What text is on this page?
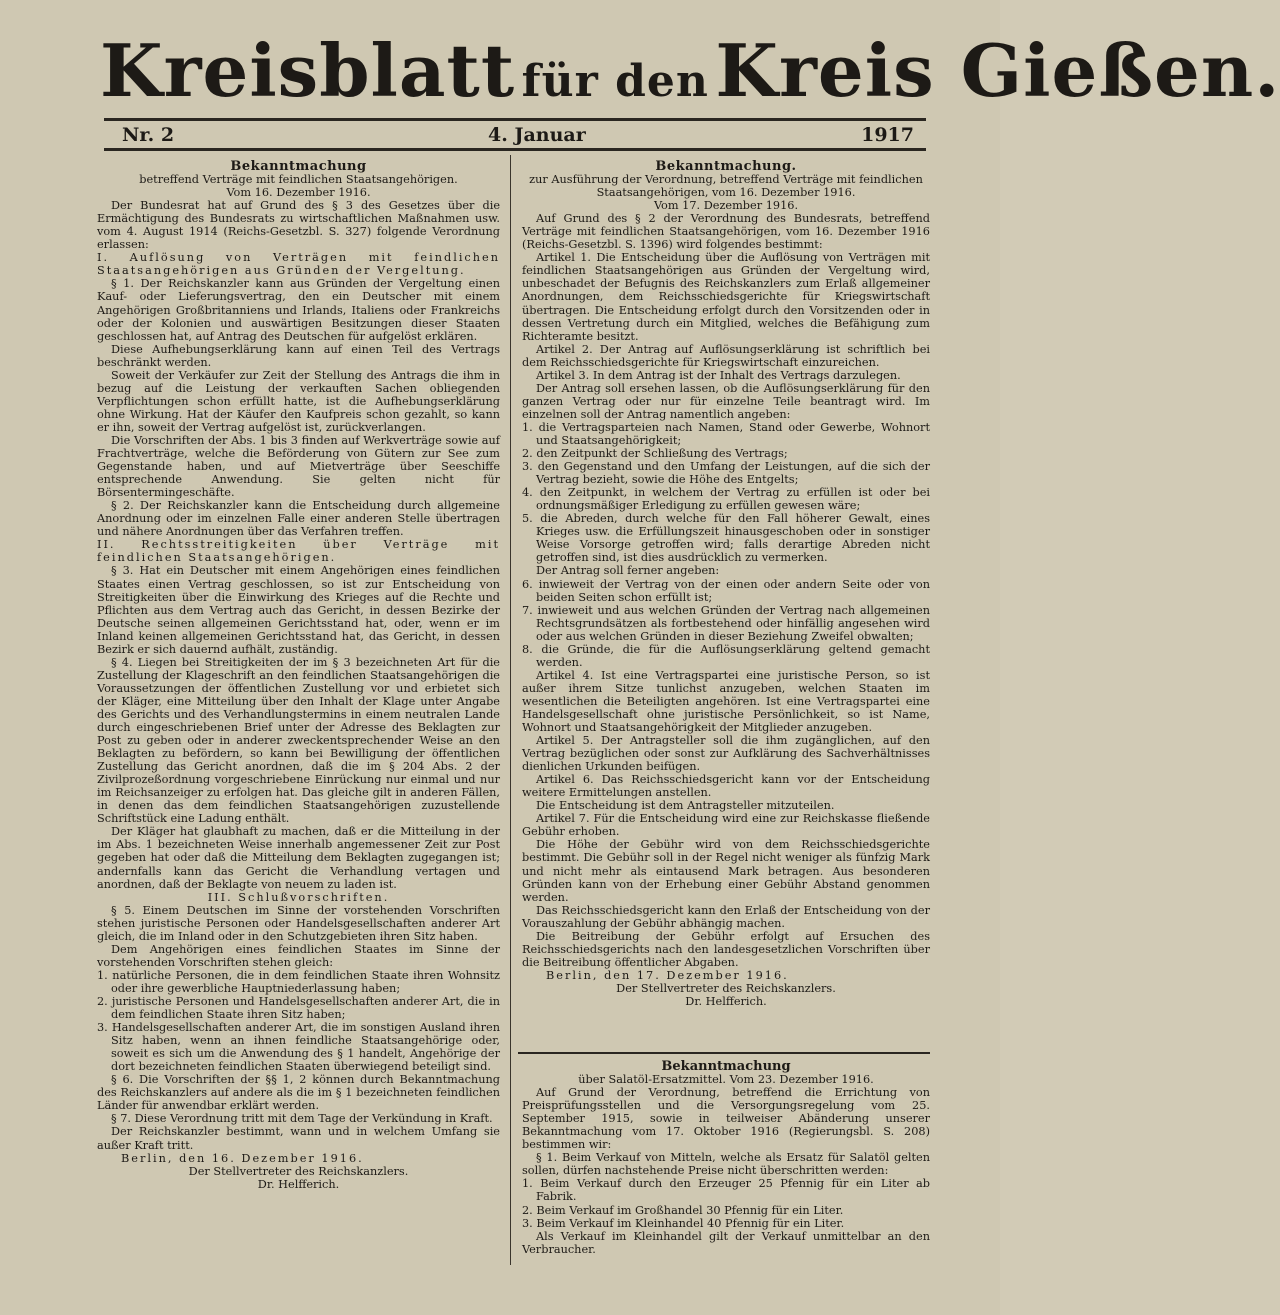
Kreisblatt für den Kreis Gießen.
Nr. 2	4. Januar	1917

Bekanntmachung

betreffend Verträge mit feindlichen Staatsangehörigen.

Vom 16. Dezember 1916.

Der Bundesrat hat auf Grund des § 3 des Gesetzes über die Ermächtigung des Bundesrats zu wirtschaftlichen Maßnahmen usw. vom 4. August 1914 (Reichs-Gesetzbl. S. 327) folgende Verordnung erlassen:

I. Auflösung von Verträgen mit feindlichen Staatsangehörigen aus Gründen der Vergeltung.

§ 1. Der Reichskanzler kann aus Gründen der Vergeltung einen Kauf- oder Lieferungsvertrag, den ein Deutscher mit einem Angehörigen Großbritanniens und Irlands, Italiens oder Frankreichs oder der Kolonien und auswärtigen Besitzungen dieser Staaten geschlossen hat, auf Antrag des Deutschen für aufgelöst erklären.

Diese Aufhebungserklärung kann auf einen Teil des Vertrags beschränkt werden.

Soweit der Verkäufer zur Zeit der Stellung des Antrags die ihm in bezug auf die Leistung der verkauften Sachen obliegenden Verpflichtungen schon erfüllt hatte, ist die Aufhebungserklärung ohne Wirkung. Hat der Käufer den Kaufpreis schon gezahlt, so kann er ihn, soweit der Vertrag aufgelöst ist, zurückverlangen.

Die Vorschriften der Abs. 1 bis 3 finden auf Werkverträge sowie auf Frachtverträge, welche die Beförderung von Gütern zur See zum Gegenstande haben, und auf Mietverträge über Seeschiffe entsprechende Anwendung. Sie gelten nicht für Börsentermingeschäfte.

§ 2. Der Reichskanzler kann die Entscheidung durch allgemeine Anordnung oder im einzelnen Falle einer anderen Stelle übertragen und nähere Anordnungen über das Verfahren treffen.

II. Rechtsstreitigkeiten über Verträge mit feindlichen Staatsangehörigen.

§ 3. Hat ein Deutscher mit einem Angehörigen eines feindlichen Staates einen Vertrag geschlossen, so ist zur Entscheidung von Streitigkeiten über die Einwirkung des Krieges auf die Rechte und Pflichten aus dem Vertrag auch das Gericht, in dessen Bezirke der Deutsche seinen allgemeinen Gerichtsstand hat, oder, wenn er im Inland keinen allgemeinen Gerichtsstand hat, das Gericht, in dessen Bezirk er sich dauernd aufhält, zuständig.

§ 4. Liegen bei Streitigkeiten der im § 3 bezeichneten Art für die Zustellung der Klageschrift an den feindlichen Staatsangehörigen die Voraussetzungen der öffentlichen Zustellung vor und erbietet sich der Kläger, eine Mitteilung über den Inhalt der Klage unter Angabe des Gerichts und des Verhandlungstermins in einem neutralen Lande durch eingeschriebenen Brief unter der Adresse des Beklagten zur Post zu geben oder in anderer zweckentsprechender Weise an den Beklagten zu befördern, so kann bei Bewilligung der öffentlichen Zustellung das Gericht anordnen, daß die im § 204 Abs. 2 der Zivilprozeßordnung vorgeschriebene Einrückung nur einmal und nur im Reichsanzeiger zu erfolgen hat. Das gleiche gilt in anderen Fällen, in denen das dem feindlichen Staatsangehörigen zuzustellende Schriftstück eine Ladung enthält.

Der Kläger hat glaubhaft zu machen, daß er die Mitteilung in der im Abs. 1 bezeichneten Weise innerhalb angemessener Zeit zur Post gegeben hat oder daß die Mitteilung dem Beklagten zugegangen ist; andernfalls kann das Gericht die Verhandlung vertagen und anordnen, daß der Beklagte von neuem zu laden ist.

III. Schlußvorschriften.

§ 5. Einem Deutschen im Sinne der vorstehenden Vorschriften stehen juristische Personen oder Handelsgesellschaften anderer Art gleich, die im Inland oder in den Schutzgebieten ihren Sitz haben.

Dem Angehörigen eines feindlichen Staates im Sinne der vorstehenden Vorschriften stehen gleich:

1. natürliche Personen, die in dem feindlichen Staate ihren Wohnsitz oder ihre gewerbliche Hauptniederlassung haben;

2. juristische Personen und Handelsgesellschaften anderer Art, die in dem feindlichen Staate ihren Sitz haben;

3. Handelsgesellschaften anderer Art, die im sonstigen Ausland ihren Sitz haben, wenn an ihnen feindliche Staatsangehörige oder, soweit es sich um die Anwendung des § 1 handelt, Angehörige der dort bezeichneten feindlichen Staaten überwiegend beteiligt sind.

§ 6. Die Vorschriften der §§ 1, 2 können durch Bekanntmachung des Reichskanzlers auf andere als die im § 1 bezeichneten feindlichen Länder für anwendbar erklärt werden.

§ 7. Diese Verordnung tritt mit dem Tage der Verkündung in Kraft.

Der Reichskanzler bestimmt, wann und in welchem Umfang sie außer Kraft tritt.

Berlin, den 16. Dezember 1916.

Der Stellvertreter des Reichskanzlers.

Dr. Helfferich.

Bekanntmachung.

zur Ausführung der Verordnung, betreffend Verträge mit feindlichen Staatsangehörigen, vom 16. Dezember 1916.

Vom 17. Dezember 1916.

Auf Grund des § 2 der Verordnung des Bundesrats, betreffend Verträge mit feindlichen Staatsangehörigen, vom 16. Dezember 1916 (Reichs-Gesetzbl. S. 1396) wird folgendes bestimmt:

Artikel 1. Die Entscheidung über die Auflösung von Verträgen mit feindlichen Staatsangehörigen aus Gründen der Vergeltung wird, unbeschadet der Befugnis des Reichskanzlers zum Erlaß allgemeiner Anordnungen, dem Reichsschiedsgerichte für Kriegswirtschaft übertragen. Die Entscheidung erfolgt durch den Vorsitzenden oder in dessen Vertretung durch ein Mitglied, welches die Befähigung zum Richteramte besitzt.

Artikel 2. Der Antrag auf Auflösungserklärung ist schriftlich bei dem Reichsschiedsgerichte für Kriegswirtschaft einzureichen.

Artikel 3. In dem Antrag ist der Inhalt des Vertrags darzulegen.

Der Antrag soll ersehen lassen, ob die Auflösungserklärung für den ganzen Vertrag oder nur für einzelne Teile beantragt wird. Im einzelnen soll der Antrag namentlich angeben:

1. die Vertragsparteien nach Namen, Stand oder Gewerbe, Wohnort und Staatsangehörigkeit;

2. den Zeitpunkt der Schließung des Vertrags;

3. den Gegenstand und den Umfang der Leistungen, auf die sich der Vertrag bezieht, sowie die Höhe des Entgelts;

4. den Zeitpunkt, in welchem der Vertrag zu erfüllen ist oder bei ordnungsmäßiger Erledigung zu erfüllen gewesen wäre;

5. die Abreden, durch welche für den Fall höherer Gewalt, eines Krieges usw. die Erfüllungszeit hinausgeschoben oder in sonstiger Weise Vorsorge getroffen wird; falls derartige Abreden nicht getroffen sind, ist dies ausdrücklich zu vermerken.

Der Antrag soll ferner angeben:

6. inwieweit der Vertrag von der einen oder andern Seite oder von beiden Seiten schon erfüllt ist;

7. inwieweit und aus welchen Gründen der Vertrag nach allgemeinen Rechtsgrundsätzen als fortbestehend oder hinfällig angesehen wird oder aus welchen Gründen in dieser Beziehung Zweifel obwalten;

8. die Gründe, die für die Auflösungserklärung geltend gemacht werden.

Artikel 4. Ist eine Vertragspartei eine juristische Person, so ist außer ihrem Sitze tunlichst anzugeben, welchen Staaten im wesentlichen die Beteiligten angehören. Ist eine Vertragspartei eine Handelsgesellschaft ohne juristische Persönlichkeit, so ist Name, Wohnort und Staatsangehörigkeit der Mitglieder anzugeben.

Artikel 5. Der Antragsteller soll die ihm zugänglichen, auf den Vertrag bezüglichen oder sonst zur Aufklärung des Sachverhältnisses dienlichen Urkunden beifügen.

Artikel 6. Das Reichsschiedsgericht kann vor der Entscheidung weitere Ermittelungen anstellen.

Die Entscheidung ist dem Antragsteller mitzuteilen.

Artikel 7. Für die Entscheidung wird eine zur Reichskasse fließende Gebühr erhoben.

Die Höhe der Gebühr wird von dem Reichsschiedsgerichte bestimmt. Die Gebühr soll in der Regel nicht weniger als fünfzig Mark und nicht mehr als eintausend Mark betragen. Aus besonderen Gründen kann von der Erhebung einer Gebühr Abstand genommen werden.

Das Reichsschiedsgericht kann den Erlaß der Entscheidung von der Vorauszahlung der Gebühr abhängig machen.

Die Beitreibung der Gebühr erfolgt auf Ersuchen des Reichsschiedsgerichts nach den landesgesetzlichen Vorschriften über die Beitreibung öffentlicher Abgaben.

Berlin, den 17. Dezember 1916.

Der Stellvertreter des Reichskanzlers.

Dr. Helfferich.

Bekanntmachung

über Salatöl-Ersatzmittel. Vom 23. Dezember 1916.

Auf Grund der Verordnung, betreffend die Errichtung von Preisprüfungsstellen und die Versorgungsregelung vom 25. September 1915, sowie in teilweiser Abänderung unserer Bekanntmachung vom 17. Oktober 1916 (Regierungsbl. S. 208) bestimmen wir:

§ 1. Beim Verkauf von Mitteln, welche als Ersatz für Salatöl gelten sollen, dürfen nachstehende Preise nicht überschritten werden:

1. Beim Verkauf durch den Erzeuger 25 Pfennig für ein Liter ab Fabrik.

2. Beim Verkauf im Großhandel 30 Pfennig für ein Liter.

3. Beim Verkauf im Kleinhandel 40 Pfennig für ein Liter.

Als Verkauf im Kleinhandel gilt der Verkauf unmittelbar an den Verbraucher.
